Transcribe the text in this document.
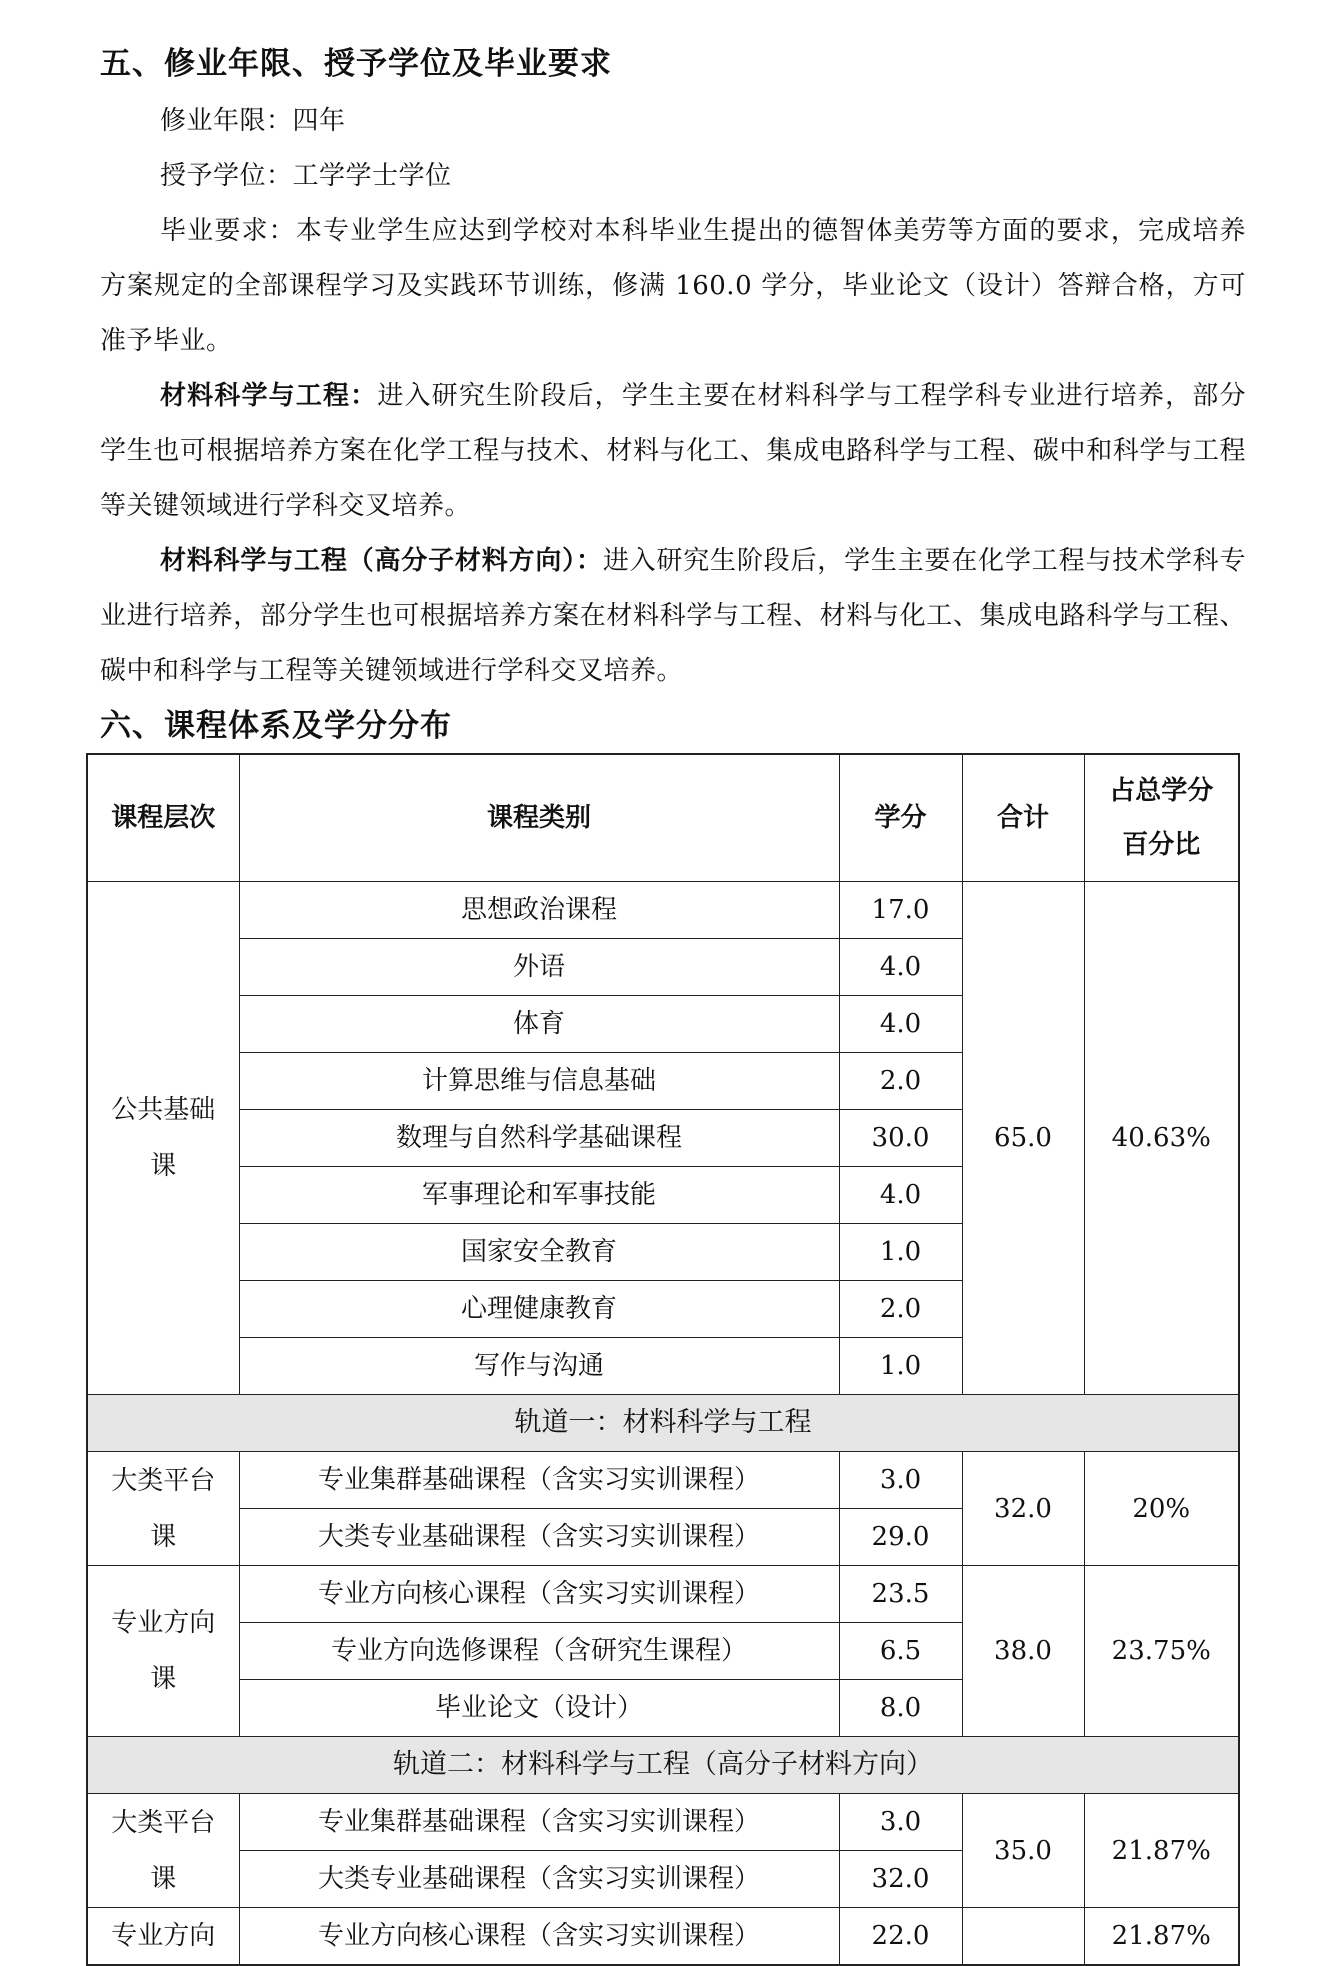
五、修业年限、授予学位及毕业要求

修业年限：四年

授予学位：工学学士学位

毕业要求：本专业学生应达到学校对本科毕业生提出的德智体美劳等方面的要求，完成培养方案规定的全部课程学习及实践环节训练，修满 160.0 学分，毕业论文（设计）答辩合格，方可准予毕业。

材料科学与工程：进入研究生阶段后，学生主要在材料科学与工程学科专业进行培养，部分学生也可根据培养方案在化学工程与技术、材料与化工、集成电路科学与工程、碳中和科学与工程等关键领域进行学科交叉培养。

材料科学与工程（高分子材料方向）：进入研究生阶段后，学生主要在化学工程与技术学科专业进行培养，部分学生也可根据培养方案在材料科学与工程、材料与化工、集成电路科学与工程、碳中和科学与工程等关键领域进行学科交叉培养。

六、课程体系及学分分布
课程层次	课程类别	学分	合计	占总学分百分比
公共基础课	思想政治课程	17.0	65.0	40.63%
	外语	4.0		
	体育	4.0		
	计算思维与信息基础	2.0		
	数理与自然科学基础课程	30.0		
	军事理论和军事技能	4.0		
	国家安全教育	1.0		
	心理健康教育	2.0		
	写作与沟通	1.0		
轨道一：材料科学与工程				
大类平台课	专业集群基础课程（含实习实训课程）	3.0	32.0	20%
	大类专业基础课程（含实习实训课程）	29.0		
专业方向课	专业方向核心课程（含实习实训课程）	23.5	38.0	23.75%
	专业方向选修课程（含研究生课程）	6.5		
	毕业论文（设计）	8.0		
轨道二：材料科学与工程（高分子材料方向）				
大类平台课	专业集群基础课程（含实习实训课程）	3.0	35.0	21.87%
	大类专业基础课程（含实习实训课程）	32.0		
专业方向	专业方向核心课程（含实习实训课程）	22.0		21.87%
